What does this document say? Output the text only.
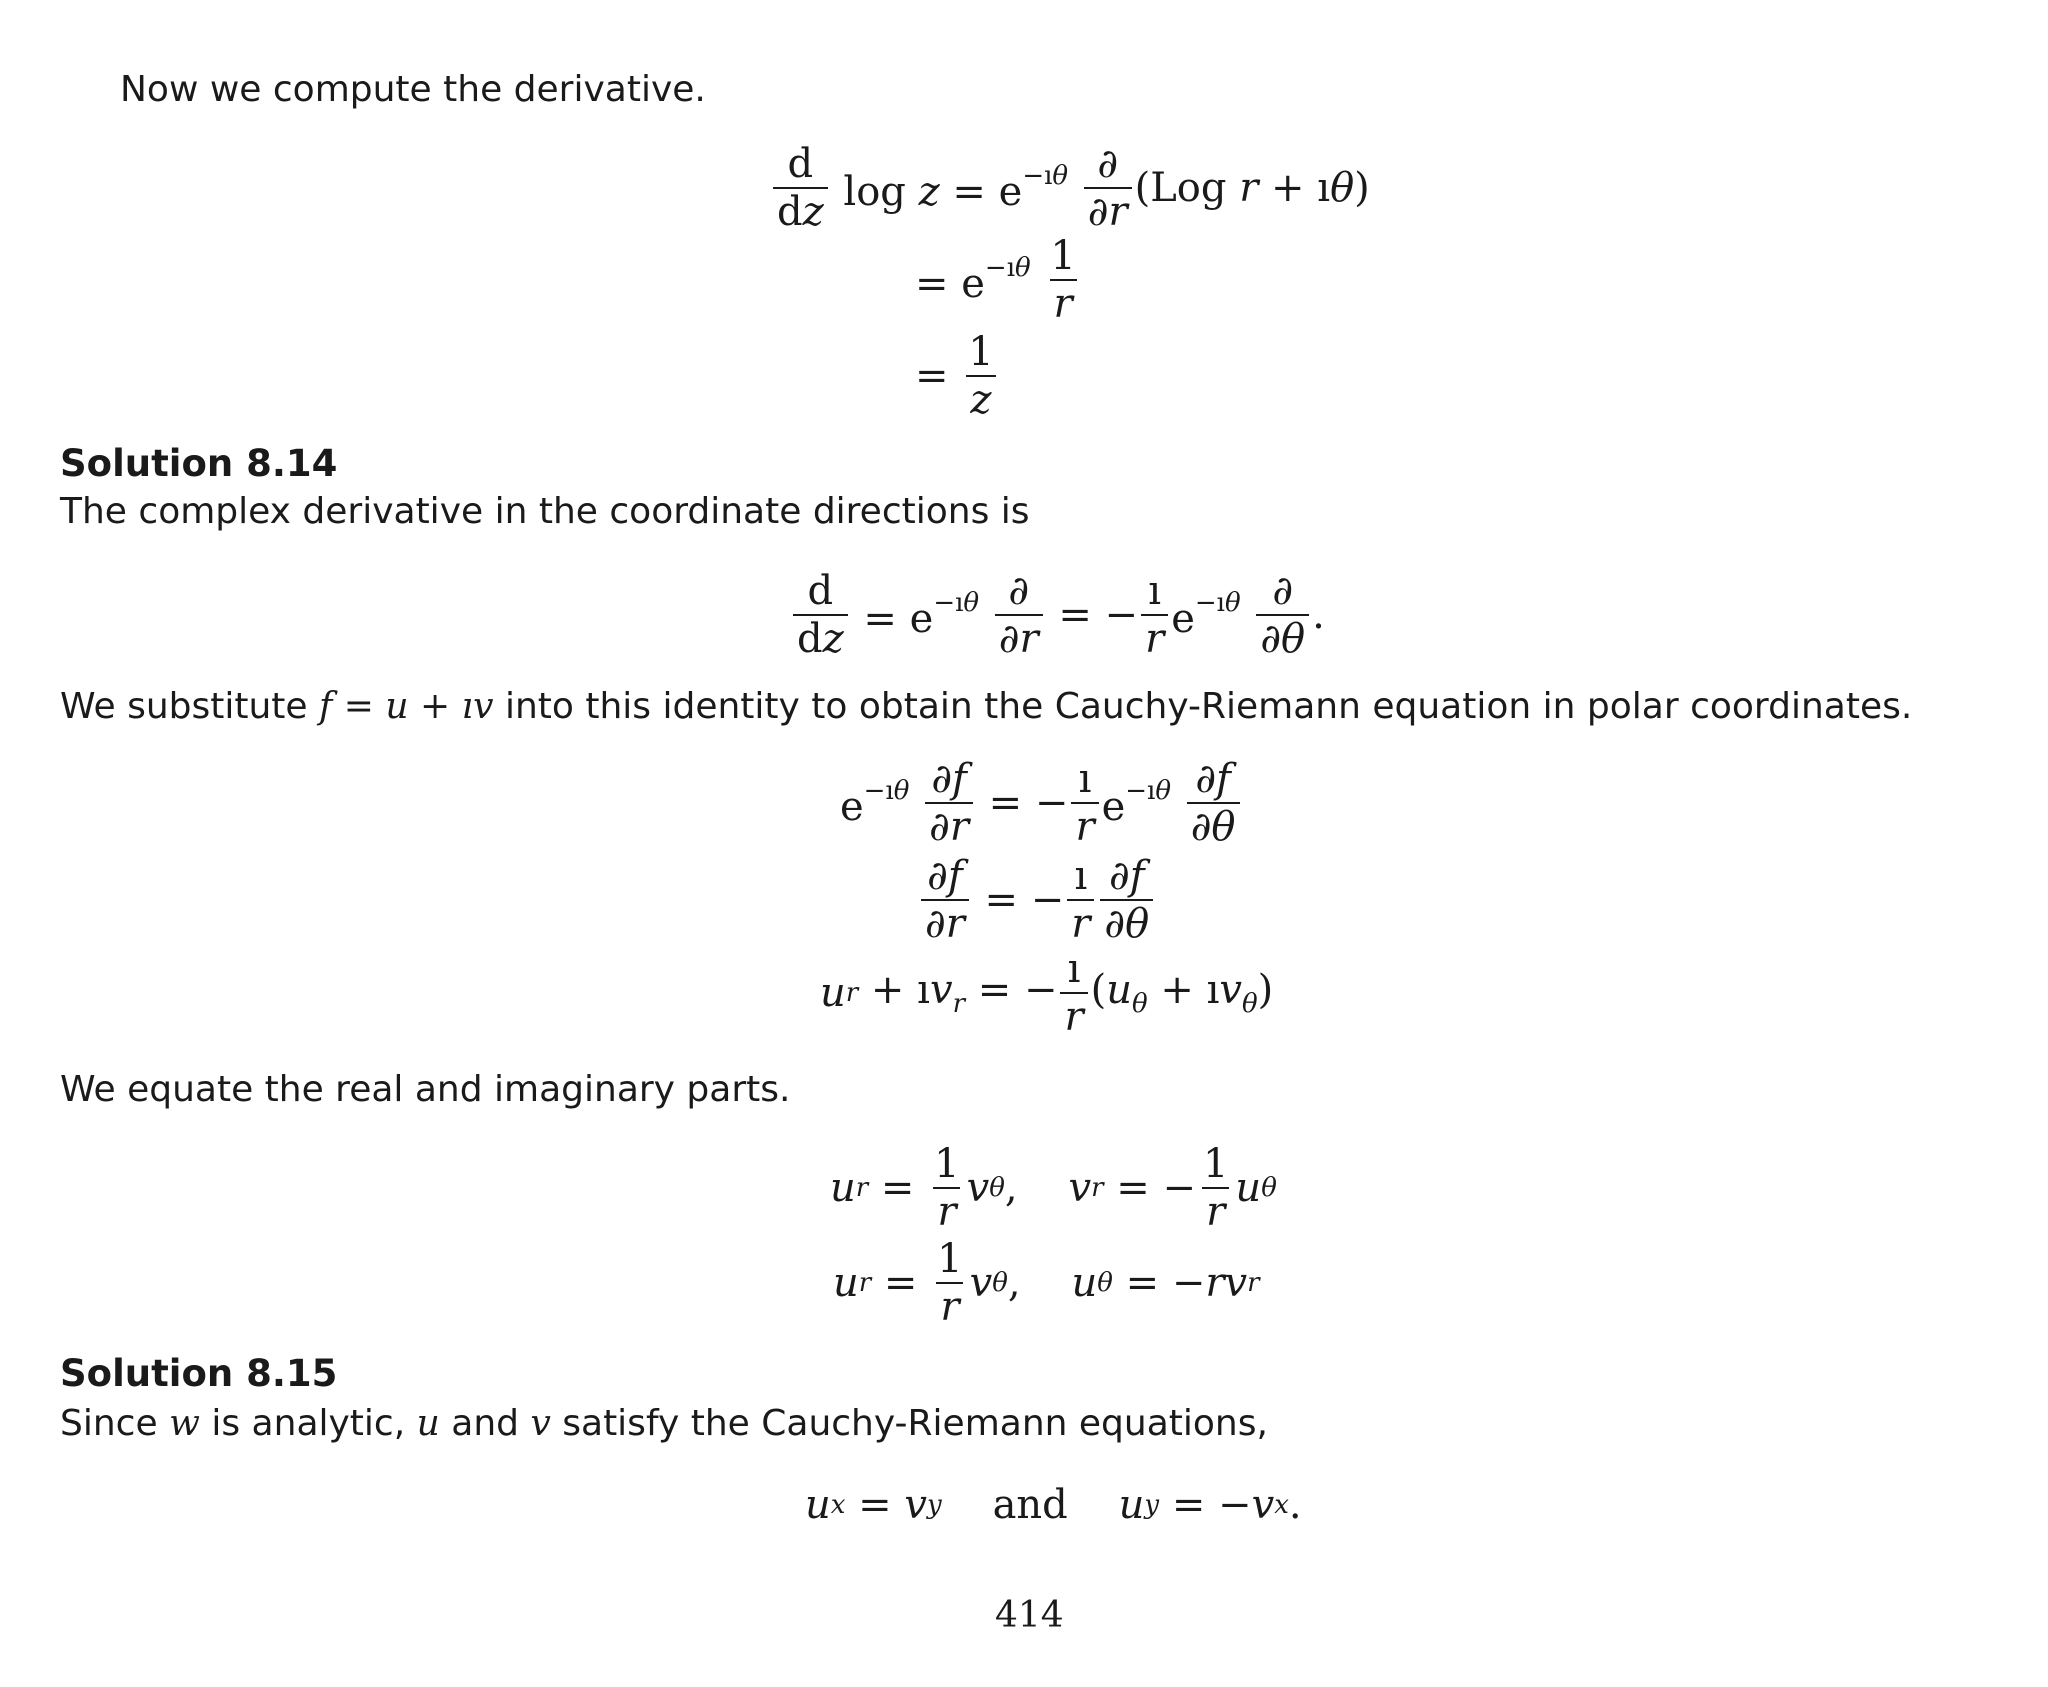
Now we compute the derivative.
$\frac{d}{dz}$ $\log z = e^{-ı\theta} \frac{\partial}{\partial r} (Log$ r + ıθ)
= $e^{-ı\theta} \frac{1}{r}$
= $\frac{1}{z}$
Solution 8.14
The complex derivative in the coordinate directions is
$\frac{d}{dz} = e^{-ı\theta} \frac{\partial}{\partial r}$ = − $\frac{ı}{r} e^{-ı\theta} \frac{\partial}{\partial\theta}$ .
We substitute f = u + ıv into this identity to obtain the Cauchy-Riemann equation in polar coordinates.
$e^{-ı\theta} \frac{\partial f}{\partial r}$ = − $\frac{ı}{r} e^{-ı\theta} \frac{\partial f}{\partial\theta}$
$\frac{\partial f}{\partial r}$ = − $\frac{ı}{r} \frac{\partial f}{\partial\theta}$
u $r + ıv_r$ = − $\frac{ı}{r} (u_\theta$ + $ıv_\theta$)
We equate the real and imaginary parts.
u $r = \frac{1}{r}$ v θ , v r = − $\frac{1}{r}$ u θ
u $r = \frac{1}{r}$ v θ , u θ = −r v r
Solution 8.15
Since w is analytic, u and v satisfy the Cauchy-Riemann equations,
u x = v y	and	u y = − v x .
414
